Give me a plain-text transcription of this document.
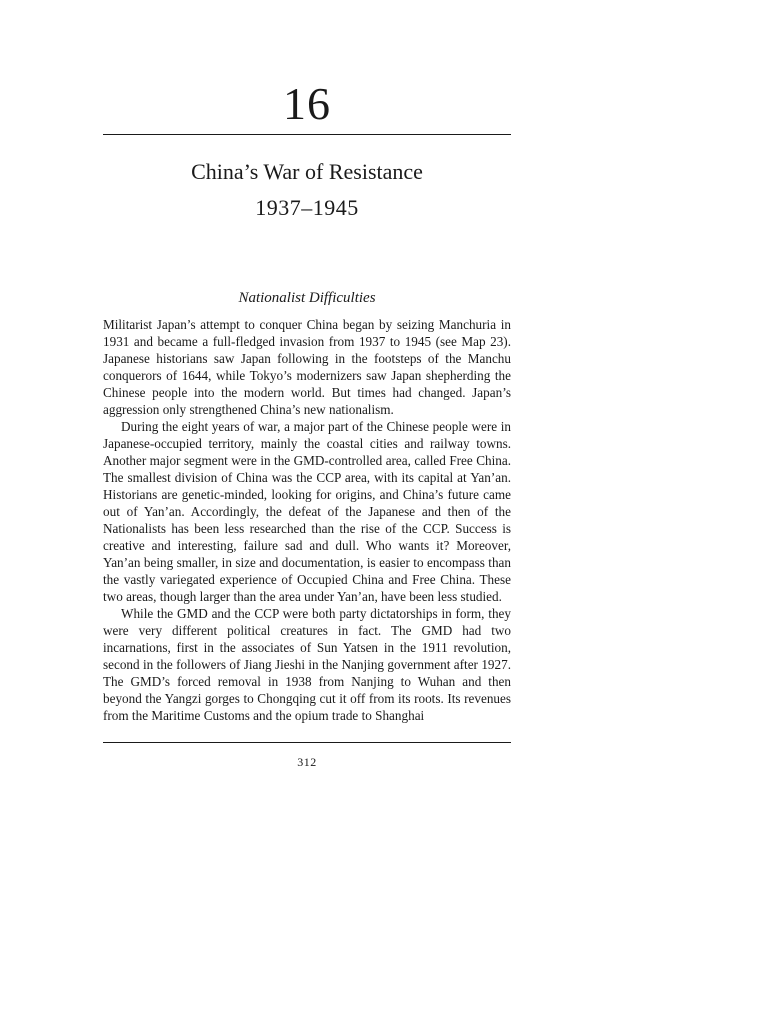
16
China’s War of Resistance
1937–1945
Nationalist Difficulties

Militarist Japan’s attempt to conquer China began by seizing Manchuria in 1931 and became a full-fledged invasion from 1937 to 1945 (see Map 23). Japanese historians saw Japan following in the footsteps of the Manchu conquerors of 1644, while Tokyo’s modernizers saw Japan shepherding the Chinese people into the modern world. But times had changed. Japan’s aggression only strengthened China’s new nationalism.

During the eight years of war, a major part of the Chinese people were in Japanese-occupied territory, mainly the coastal cities and railway towns. Another major segment were in the GMD-controlled area, called Free China. The smallest division of China was the CCP area, with its capital at Yan’an. Historians are genetic-minded, looking for origins, and China’s future came out of Yan’an. Accordingly, the defeat of the Japanese and then of the Nationalists has been less researched than the rise of the CCP. Success is creative and interesting, failure sad and dull. Who wants it? Moreover, Yan’an being smaller, in size and documentation, is easier to encompass than the vastly variegated experience of Occupied China and Free China. These two areas, though larger than the area under Yan’an, have been less studied.

While the GMD and the CCP were both party dictatorships in form, they were very different political creatures in fact. The GMD had two incarnations, first in the associates of Sun Yatsen in the 1911 revolution, second in the followers of Jiang Jieshi in the Nanjing government after 1927. The GMD’s forced removal in 1938 from Nanjing to Wuhan and then beyond the Yangzi gorges to Chongqing cut it off from its roots. Its revenues from the Maritime Customs and the opium trade to Shanghai

312
